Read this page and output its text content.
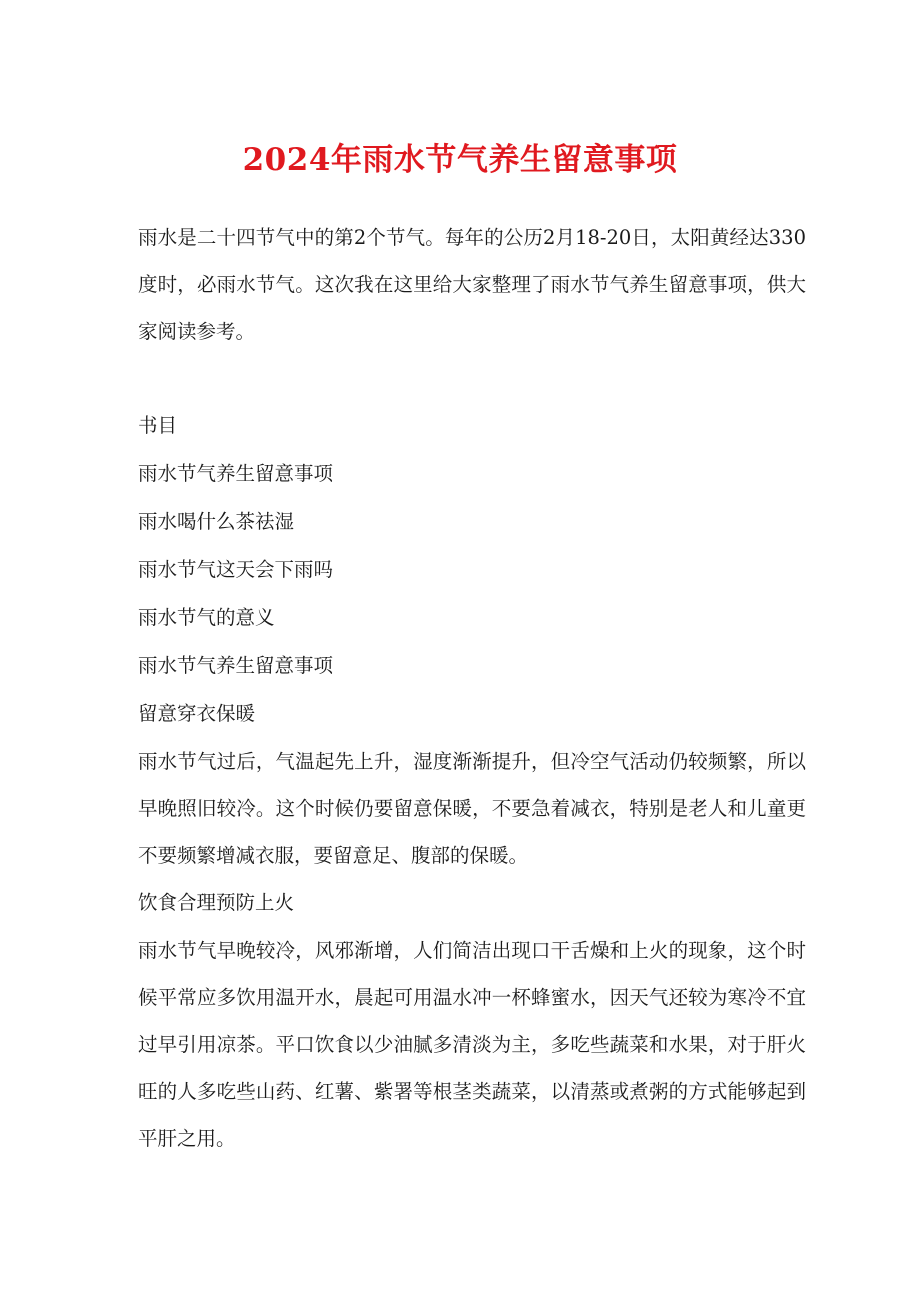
2024年雨水节气养生留意事项

雨水是二十四节气中的第2个节气。每年的公历2月18-20日，太阳黄经达330度时，必雨水节气。这次我在这里给大家整理了雨水节气养生留意事项，供大家阅读参考。

书目

雨水节气养生留意事项

雨水喝什么茶祛湿

雨水节气这天会下雨吗

雨水节气的意义

雨水节气养生留意事项

留意穿衣保暖

雨水节气过后，气温起先上升，湿度渐渐提升，但冷空气活动仍较频繁，所以早晚照旧较冷。这个时候仍要留意保暖，不要急着减衣，特别是老人和儿童更不要频繁增减衣服，要留意足、腹部的保暖。

饮食合理预防上火

雨水节气早晚较冷，风邪渐增，人们简洁出现口干舌燥和上火的现象，这个时候平常应多饮用温开水，晨起可用温水冲一杯蜂蜜水，因天气还较为寒冷不宜过早引用凉茶。平口饮食以少油腻多清淡为主，多吃些蔬菜和水果，对于肝火旺的人多吃些山药、红薯、紫署等根茎类蔬菜，以清蒸或煮粥的方式能够起到平肝之用。
